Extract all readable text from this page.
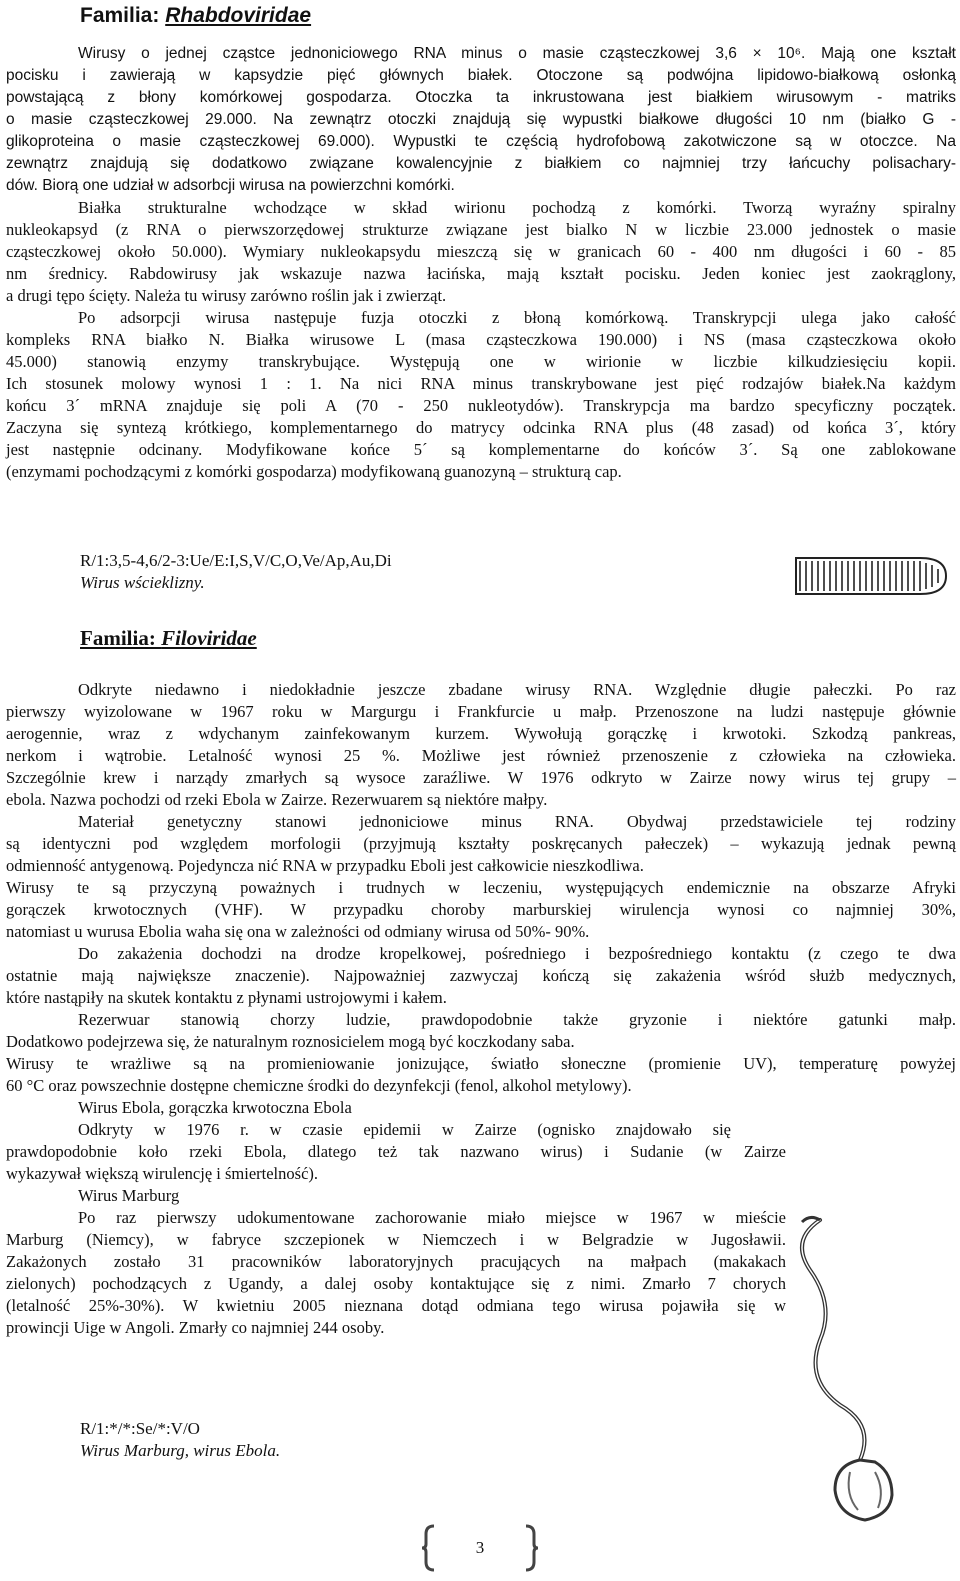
Familia: Rhabdoviridae

Wirusy o jednej cząstce jednoniciowego RNA minus o masie cząsteczkowej 3,6 × 10⁶. Mają one kształt

pocisku i zawierają w kapsydzie pięć głównych białek. Otoczone są podwójna lipidowo-białkową osłonką

powstającą z błony komórkowej gospodarza. Otoczka ta inkrustowana jest białkiem wirusowym - matriks

o masie cząsteczkowej 29.000. Na zewnątrz otoczki znajdują się wypustki białkowe długości 10 nm (białko G -

glikoproteina o masie cząsteczkowej 69.000). Wypustki te częścią hydrofobową zakotwiczone są w otoczce. Na

zewnątrz znajdują się dodatkowo związane kowalencyjnie z białkiem co najmniej trzy łańcuchy polisachary-

dów. Biorą one udział w adsorbcji wirusa na powierzchni komórki.

Białka strukturalne wchodzące w skład wirionu pochodzą z komórki. Tworzą wyraźny spiralny

nukleokapsyd (z RNA o pierwszorzędowej strukturze związane jest bialko N w liczbie 23.000 jednostek o masie

cząsteczkowej około 50.000). Wymiary nukleokapsydu mieszczą się w granicach 60 - 400 nm długości i 60 - 85

nm średnicy. Rabdowirusy jak wskazuje nazwa łacińska, mają kształt pocisku. Jeden koniec jest zaokrąglony,

a drugi tępo ścięty. Należa tu wirusy zarówno roślin jak i zwierząt.

Po adsorpcji wirusa następuje fuzja otoczki z błoną komórkową. Transkrypcji ulega jako całość

kompleks RNA białko N. Białka wirusowe L (masa cząsteczkowa 190.000) i NS (masa cząsteczkowa około

45.000) stanowią enzymy transkrybujące. Występują one w wirionie w liczbie kilkudziesięciu kopii.

Ich stosunek molowy wynosi 1 : 1. Na nici RNA minus transkrybowane jest pięć rodzajów białek.Na każdym

końcu 3´ mRNA znajduje się poli A (70 - 250 nukleotydów). Transkrypcja ma bardzo specyficzny początek.

Zaczyna się syntezą krótkiego, komplementarnego do matrycy odcinka RNA plus (48 zasad) od końca 3´, który

jest następnie odcinany. Modyfikowane końce 5´ są komplementarne do końców 3´. Są one zablokowane

(enzymami pochodzącymi z komórki gospodarza) modyfikowaną guanozyną – strukturą cap.

R/1:3,5-4,6/2-3:Ue/E:I,S,V/C,O,Ve/Ap,Au,Di
Wirus wścieklizny.
Familia: Filoviridae

Odkryte niedawno i niedokładnie jeszcze zbadane wirusy RNA. Względnie długie pałeczki. Po raz

pierwszy wyizolowane w 1967 roku w Margurgu i Frankfurcie u małp. Przenoszone na ludzi następuje głównie

aerogennie, wraz z wdychanym zainfekowanym kurzem. Wywołują gorączkę i krwotoki. Szkodzą pankreas,

nerkom i wątrobie. Letalność wynosi 25 %. Możliwe jest również przenoszenie z człowieka na człowieka.

Szczególnie krew i narządy zmarłych są wysoce zaraźliwe. W 1976 odkryto w Zairze nowy wirus tej grupy –

ebola. Nazwa pochodzi od rzeki Ebola w Zairze. Rezerwuarem są niektóre małpy.

Materiał genetyczny stanowi jednoniciowe minus RNA. Obydwaj przedstawiciele tej rodziny

są identyczni pod względem morfologii (przyjmują kształty poskręcanych pałeczek) – wykazują jednak pewną

odmienność antygenową. Pojedyncza nić RNA w przypadku Eboli jest całkowicie nieszkodliwa.

Wirusy te są przyczyną poważnych i trudnych w leczeniu, występujących endemicznie na obszarze Afryki

gorączek krwotocznych (VHF). W przypadku choroby marburskiej wirulencja wynosi co najmniej 30%,

natomiast u wurusa Ebolia waha się ona w zależności od odmiany wirusa od 50%- 90%.

Do zakażenia dochodzi na drodze kropelkowej, pośredniego i bezpośredniego kontaktu (z czego te dwa

ostatnie mają największe znaczenie). Najpoważniej zazwyczaj kończą się zakażenia wśród służb medycznych,

które nastąpiły na skutek kontaktu z płynami ustrojowymi i kałem.

Rezerwuar stanowią chorzy ludzie, prawdopodobnie także gryzonie i niektóre gatunki małp.

Dodatkowo podejrzewa się, że naturalnym roznosicielem mogą być koczkodany saba.

Wirusy te wrażliwe są na promieniowanie jonizujące, światło słoneczne (promienie UV), temperaturę powyżej

60 °C oraz powszechnie dostępne chemiczne środki do dezynfekcji (fenol, alkohol metylowy).

Wirus Ebola, gorączka krwotoczna Ebola

Odkryty w 1976 r. w czasie epidemii w Zairze (ognisko znajdowało się

prawdopodobnie koło rzeki Ebola, dlatego też tak nazwano wirus) i Sudanie (w Zairze

wykazywał większą wirulencję i śmiertelność).

Wirus Marburg

Po raz pierwszy udokumentowane zachorowanie miało miejsce w 1967 w mieście

Marburg (Niemcy), w fabryce szczepionek w Niemczech i w Belgradzie w Jugosławii.

Zakażonych zostało 31 pracowników laboratoryjnych pracujących na małpach (makakach

zielonych) pochodzących z Ugandy, a dalej osoby kontaktujące się z nimi. Zmarło 7 chorych

(letalność 25%-30%). W kwietniu 2005 nieznana dotąd odmiana tego wirusa pojawiła się w

prowincji Uige w Angoli. Zmarły co najmniej 244 osoby.

R/1:*/*:Se/*:V/O
Wirus Marburg, wirus Ebola.
3
